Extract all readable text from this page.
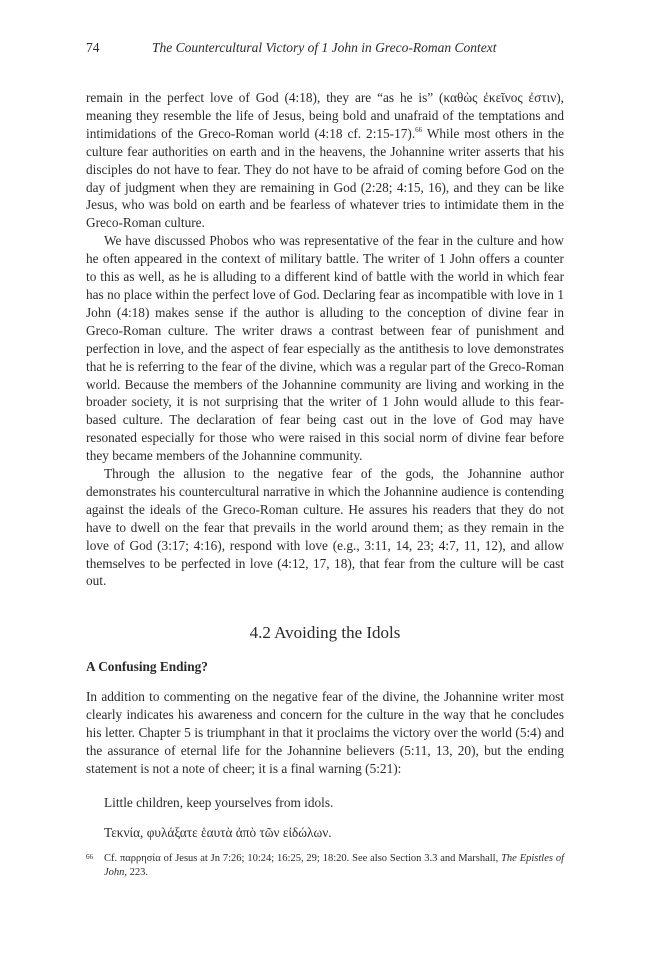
74	The Countercultural Victory of 1 John in Greco-Roman Context

remain in the perfect love of God (4:18), they are “as he is” (καθὼς ἐκεῖνος ἐστιν), meaning they resemble the life of Jesus, being bold and unafraid of the temptations and intimidations of the Greco-Roman world (4:18 cf. 2:15-17).$^{66}$ While most others in the culture fear authorities on earth and in the heavens, the Johannine writer asserts that his disciples do not have to fear. They do not have to be afraid of coming before God on the day of judgment when they are remaining in God (2:28; 4:15, 16), and they can be like Jesus, who was bold on earth and be fearless of whatever tries to intimidate them in the Greco-Roman culture.

We have discussed Phobos who was representative of the fear in the culture and how he often appeared in the context of military battle. The writer of 1 John offers a counter to this as well, as he is alluding to a different kind of battle with the world in which fear has no place within the perfect love of God. Declaring fear as incompatible with love in 1 John (4:18) makes sense if the author is alluding to the conception of divine fear in Greco-Roman culture. The writer draws a contrast between fear of punishment and perfection in love, and the aspect of fear especially as the antithesis to love demonstrates that he is referring to the fear of the divine, which was a regular part of the Greco-Roman world. Because the members of the Johannine community are living and working in the broader society, it is not surprising that the writer of 1 John would allude to this fear-based culture. The declaration of fear being cast out in the love of God may have resonated especially for those who were raised in this social norm of divine fear before they became members of the Johannine community.

Through the allusion to the negative fear of the gods, the Johannine author demonstrates his countercultural narrative in which the Johannine audience is contending against the ideals of the Greco-Roman culture. He assures his readers that they do not have to dwell on the fear that prevails in the world around them; as they remain in the love of God (3:17; 4:16), respond with love (e.g., 3:11, 14, 23; 4:7, 11, 12), and allow themselves to be perfected in love (4:12, 17, 18), that fear from the culture will be cast out.

4.2 Avoiding the Idols
A Confusing Ending?

In addition to commenting on the negative fear of the divine, the Johannine writer most clearly indicates his awareness and concern for the culture in the way that he concludes his letter. Chapter 5 is triumphant in that it proclaims the victory over the world (5:4) and the assurance of eternal life for the Johannine believers (5:11, 13, 20), but the ending statement is not a note of cheer; it is a final warning (5:21):

Little children, keep yourselves from idols.

Τεκνία, φυλάξατε ἑαυτὰ ἀπὸ τῶν εἰδώλων.

66 Cf. παρρησία of Jesus at Jn 7:26; 10:24; 16:25, 29; 18:20. See also Section 3.3 and Marshall, The Epistles of John, 223.
